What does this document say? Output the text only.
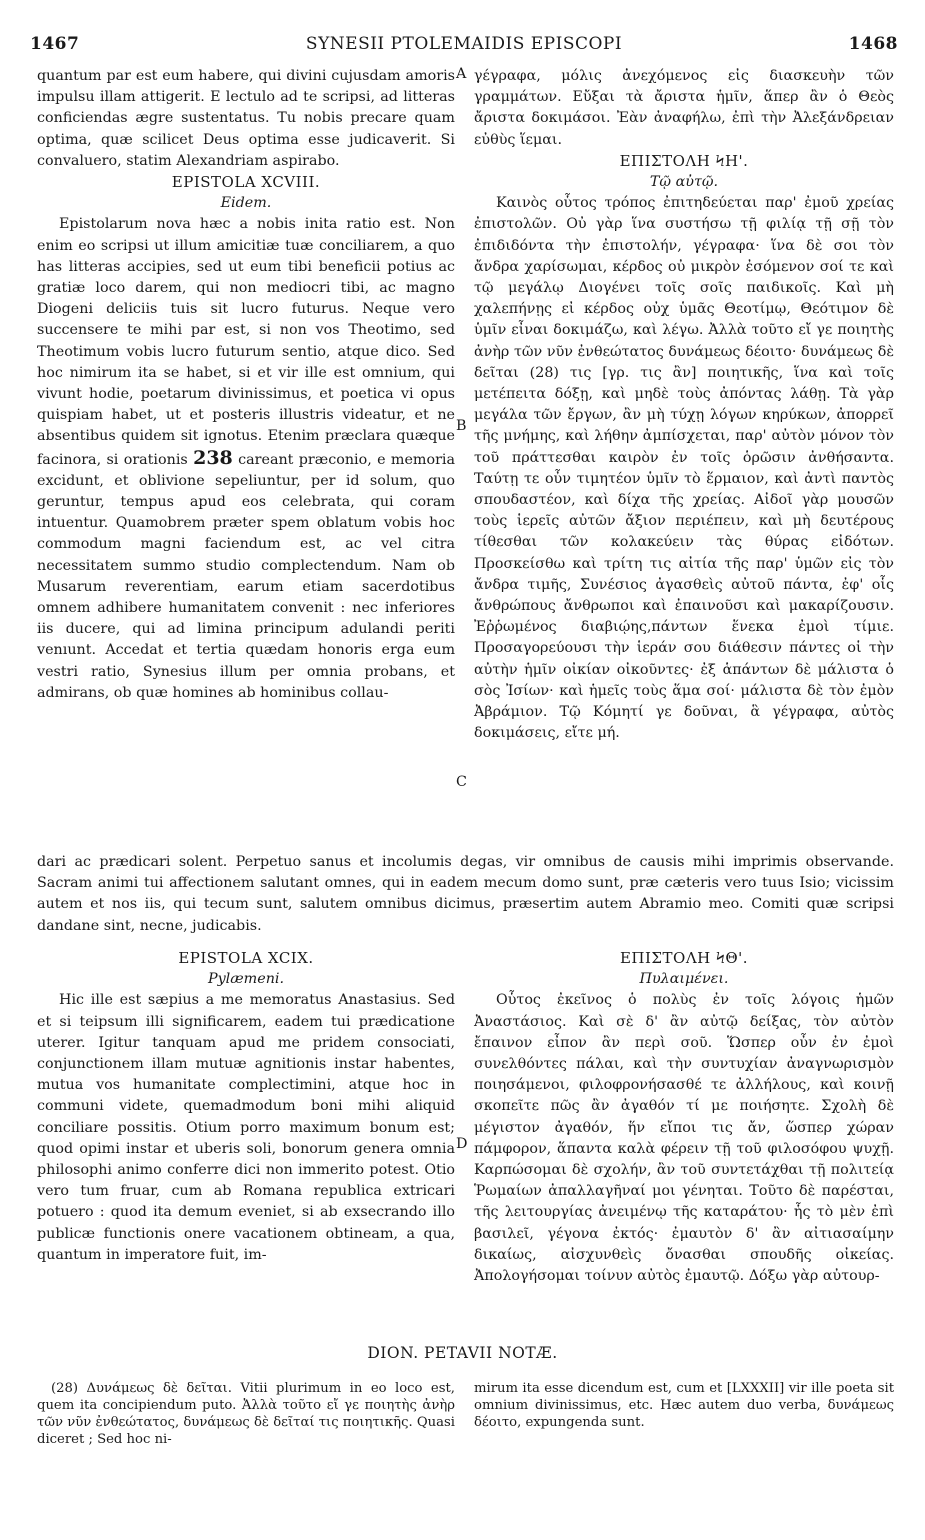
1467	SYNESII PTOLEMAIDIS EPISCOPI	1468

quantum par est eum habere, qui divini cujusdam amoris impulsu illam attigerit. E lectulo ad te scripsi, ad litteras conficiendas ægre sustentatus. Tu nobis precare quam optima, quæ scilicet Deus optima esse judicaverit. Si convaluero, statim Alexandriam aspirabo.

EPISTOLA XCVIII.

Eidem.

Epistolarum nova hæc a nobis inita ratio est. Non enim eo scripsi ut illum amicitiæ tuæ conciliarem, a quo has litteras accipies, sed ut eum tibi beneficii potius ac gratiæ loco darem, qui non mediocri tibi, ac magno Diogeni deliciis tuis sit lucro futurus. Neque vero succensere te mihi par est, si non vos Theotimo, sed Theotimum vobis lucro futurum sentio, atque dico. Sed hoc nimirum ita se habet, si et vir ille est omnium, qui vivunt hodie, poetarum divinissimus, et poetica vi opus quispiam habet, ut et posteris illustris videatur, et ne absentibus quidem sit ignotus. Etenim præclara quæque facinora, si orationis 238 careant præconio, e memoria excidunt, et oblivione sepeliuntur, per id solum, quo geruntur, tempus apud eos celebrata, qui coram intuentur. Quamobrem præter spem oblatum vobis hoc commodum magni faciendum est, ac vel citra necessitatem summo studio complectendum. Nam ob Musarum reverentiam, earum etiam sacerdotibus omnem adhibere humanitatem convenit : nec inferiores iis ducere, qui ad limina principum adulandi periti venıunt. Accedat et tertia quædam honoris erga eum vestri ratio, Synesius illum per omnia probans, et admirans, ob quæ homines ab hominibus collau-

γέγραφα, μόλις ἀνεχόμενος εἰς διασκευὴν τῶν γραμμάτων. Εὔξαι τὰ ἄριστα ἡμῖν, ἅπερ ἂν ὁ Θεὸς ἄριστα δοκιμάσοι. Ἐὰν ἀναφήλω, ἐπὶ τὴν Ἀλεξάνδρειαν εὐθὺς ἵεμαι.

ΕΠΙΣΤΟΛΗ ϞΗ'.

Τῷ αὐτῷ.

Καινὸς οὗτος τρόπος ἐπιτηδεύεται παρ' ἐμοῦ χρείας ἐπιστολῶν. Οὐ γὰρ ἵνα συστήσω τῇ φιλίᾳ τῇ σῇ τὸν ἐπιδιδόντα τὴν ἐπιστολήν, γέγραφα· ἵνα δὲ σοι τὸν ἄνδρα χαρίσωμαι, κέρδος οὐ μικρὸν ἐσόμενον σοί τε καὶ τῷ μεγάλῳ Διογένει τοῖς σοῖς παιδικοῖς. Καὶ μὴ χαλεπήνῃς εἰ κέρδος οὐχ ὑμᾶς Θεοτίμῳ, Θεότιμον δὲ ὑμῖν εἶναι δοκιμάζω, καὶ λέγω. Ἀλλὰ τοῦτο εἴ γε ποιητὴς ἀνὴρ τῶν νῦν ἐνθεώτατος δυνάμεως δέοιτο· δυνάμεως δὲ δεῖται (28) τις [γρ. τις ἂν] ποιητικῆς, ἵνα καὶ τοῖς μετέπειτα δόξῃ, καὶ μηδὲ τοὺς ἀπόντας λάθῃ. Τὰ γὰρ μεγάλα τῶν ἔργων, ἂν μὴ τύχῃ λόγων κηρύκων, ἀπορρεῖ τῆς μνήμης, καὶ λήθην ἀμπίσχεται, παρ' αὐτὸν μόνον τὸν τοῦ πράττεσθαι καιρὸν ἐν τοῖς ὁρῶσιν ἀνθήσαντα. Ταύτῃ τε οὖν τιμητέον ὑμῖν τὸ ἕρμαιον, καὶ ἀντὶ παντὸς σπουδαστέον, καὶ δίχα τῆς χρείας. Αἰδοῖ γὰρ μουσῶν τοὺς ἱερεῖς αὐτῶν ἄξιον περιέπειν, καὶ μὴ δευτέρους τίθεσθαι τῶν κολακεύειν τὰς θύρας εἰδότων. Προσκείσθω καὶ τρίτη τις αἰτία τῆς παρ' ὑμῶν εἰς τὸν ἄνδρα τιμῆς, Συνέσιος ἀγασθεὶς αὐτοῦ πάντα, ἐφ' οἷς ἄνθρώπους ἄνθρωποι καὶ ἐπαινοῦσι καὶ μακαρίζουσιν. Ἐῤῥωμένος διαβιῴης,πάντων ἕνεκα ἐμοὶ τίμιε. Προσαγορεύουσι τὴν ἱεράν σου διάθεσιν πάντες οἱ τὴν αὐτὴν ἡμῖν οἰκίαν οἰκοῦντες· ἐξ ἁπάντων δὲ μάλιστα ὁ σὸς Ἰσίων· καὶ ἡμεῖς τοὺς ἅμα σοί· μάλιστα δὲ τὸν ἐμὸν Ἀβράμιον. Τῷ Κόμητί γε δοῦναι, ἃ γέγραφα, αὐτὸς δοκιμάσεις, εἴτε μή.

A
B
C
D
dari ac prædicari solent. Perpetuo sanus et incolumis degas, vir omnibus de causis mihi imprimis observande. Sacram animi tui affectionem salutant omnes, qui in eadem mecum domo sunt, præ cæteris vero tuus Isio; vicissim autem et nos iis, qui tecum sunt, salutem omnibus dicimus, præsertim autem Abramio meo. Comiti quæ scripsi dandane sint, necne, judicabis.

EPISTOLA XCIX.

Pylæmeni.

Hic ille est sæpius a me memoratus Anastasius. Sed et si teipsum illi significarem, eadem tui prædicatione uterer. Igitur tanquam apud me pridem consociati, conjunctionem illam mutuæ agnitionis instar habentes, mutua vos humanitate complectimini, atque hoc in communi videte, quemadmodum boni mihi aliquid conciliare possitis. Otium porro maximum bonum est; quod opimi instar et uberis soli, bonorum genera omnia philosophi animo conferre dici non immerito potest. Otio vero tum fruar, cum ab Romana republica extricari potuero : quod ita demum eveniet, si ab exsecrando illo publicæ functionis onere vacationem obtineam, a qua, quantum in imperatore fuit, im-

ΕΠΙΣΤΟΛΗ ϞΘ'.

Πυλαιμένει.

Οὗτος ἐκεῖνος ὁ πολὺς ἐν τοῖς λόγοις ἡμῶν Ἀναστάσιος. Καὶ σὲ δ' ἂν αὐτῷ δείξας, τὸν αὐτὸν ἔπαινον εἶπον ἂν περὶ σοῦ. Ὥσπερ οὖν ἐν ἐμοὶ συνελθόντες πάλαι, καὶ τὴν συντυχίαν ἀναγνωρισμὸν ποιησάμενοι, φιλοφρονήσασθέ τε ἀλλήλους, καὶ κοινῇ σκοπεῖτε πῶς ἂν ἀγαθόν τί με ποιήσητε. Σχολὴ δὲ μέγιστον ἀγαθόν, ἥν εἴποι τις ἄν, ὥσπερ χώραν πάμφορον, ἅπαντα καλὰ φέρειν τῇ τοῦ φιλοσόφου ψυχῇ. Καρπώσομαι δὲ σχολήν, ἂν τοῦ συντετάχθαι τῇ πολιτείᾳ Ῥωμαίων ἀπαλλαγῆναί μοι γένηται. Τοῦτο δὲ παρέσται, τῆς λειτουργίας ἀνειμένῳ τῆς καταράτου· ἧς τὸ μὲν ἐπὶ βασιλεῖ, γέγονα ἐκτός· ἐμαυτὸν δ' ἂν αἰτιασαίμην δικαίως, αἰσχυνθεὶς ὄνασθαι σπουδῆς οἰκείας. Ἀπολογήσομαι τοίνυν αὐτὸς ἐμαυτῷ. Δόξω γὰρ αὐτουρ-

DION. PETAVII NOTÆ.
(28) Δυνάμεως δὲ δεῖται. Vitii plurimum in eo loco est, quem ita concipiendum puto. Ἀλλὰ τοῦτο εἴ γε ποιητὴς ἀνὴρ τῶν νῦν ἐνθεώτατος, δυνάμεως δὲ δεῖταί τις ποιητικῆς. Quasi diceret ; Sed hoc ni-
mirum ita esse dicendum est, cum et [LXXXII] vir ille poeta sit omnium divinissimus, etc. Hæc autem duo verba, δυνάμεως δέοιτο, expungenda sunt.
